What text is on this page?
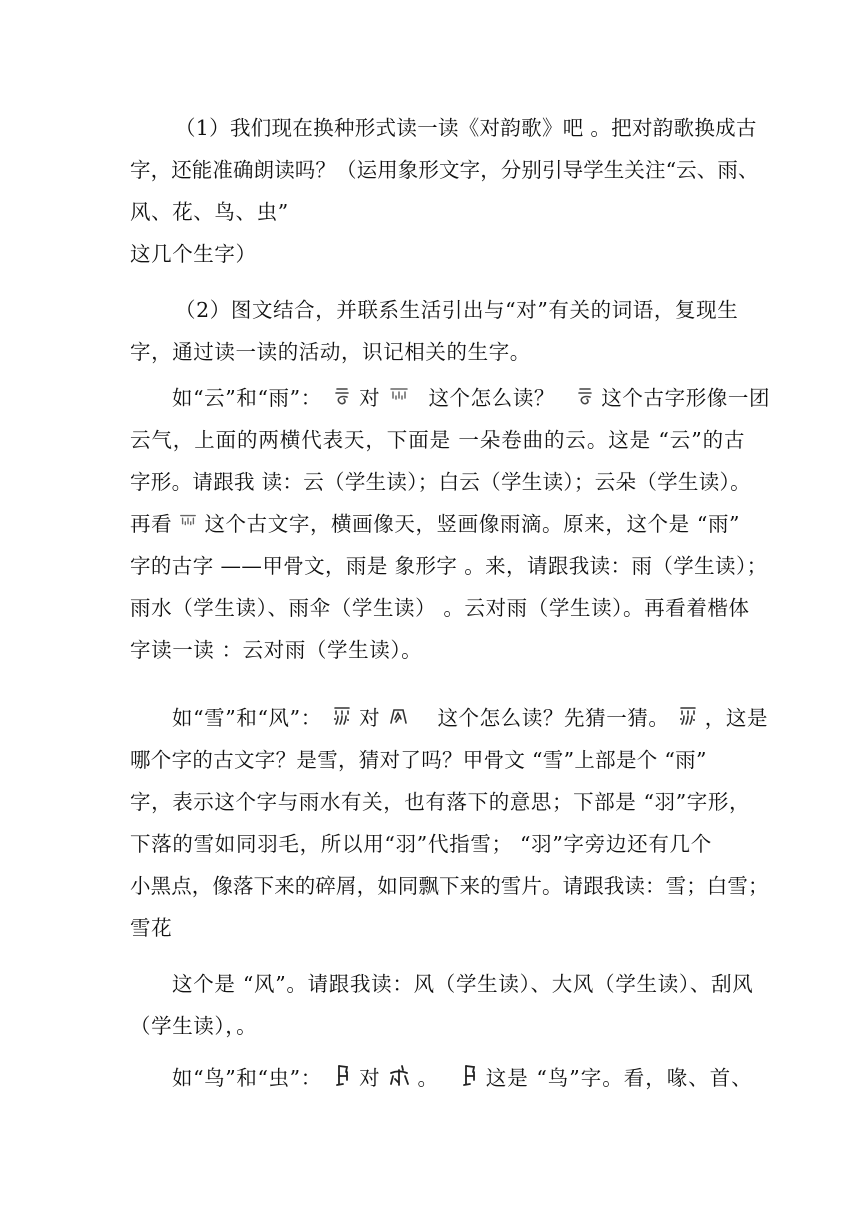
（1）我们现在换种形式读一读《对韵歌》吧 。把对韵歌换成古
字，还能准确朗读吗？（运用象形文字，分别引导学生关注“云、雨、
风、花、鸟、虫”
这几个生字）
（2）图文结合，并联系生活引出与“对”有关的词语，复现生
字，通过读一读的活动，识记相关的生字。
如“云”和“雨”： 对 这个怎么读？ 这个古字形像一团
云气，上面的两横代表天，下面是 一朵卷曲的云。这是 “云”的古
字形。请跟我 读：云（学生读）；白云（学生读）；云朵（学生读）。
再看 这个古文字，横画像天，竖画像雨滴。原来，这个是 “雨”
字的古字 ——甲骨文，雨是 象形字 。来，请跟我读：雨（学生读）；
雨水（学生读）、雨伞（学生读） 。云对雨（学生读）。再看着楷体
字读一读 ：云对雨（学生读）。
如“雪”和“风”： 对	这个怎么读？先猜一猜。 ，这是
哪个字的古文字？是雪，猜对了吗？甲骨文 “雪”上部是个 “雨”
字，表示这个字与雨水有关，也有落下的意思；下部是 “羽”字形，
下落的雪如同羽毛，所以用“羽”代指雪； “羽”字旁边还有几个
小黑点，像落下来的碎屑，如同飘下来的雪片。请跟我读：雪；白雪；
雪花
这个是 “风”。请跟我读：风（学生读）、大风（学生读）、刮风
（学生读），。
如“鸟”和“虫”： 对 。 这是 “鸟”字。看，喙、首、
